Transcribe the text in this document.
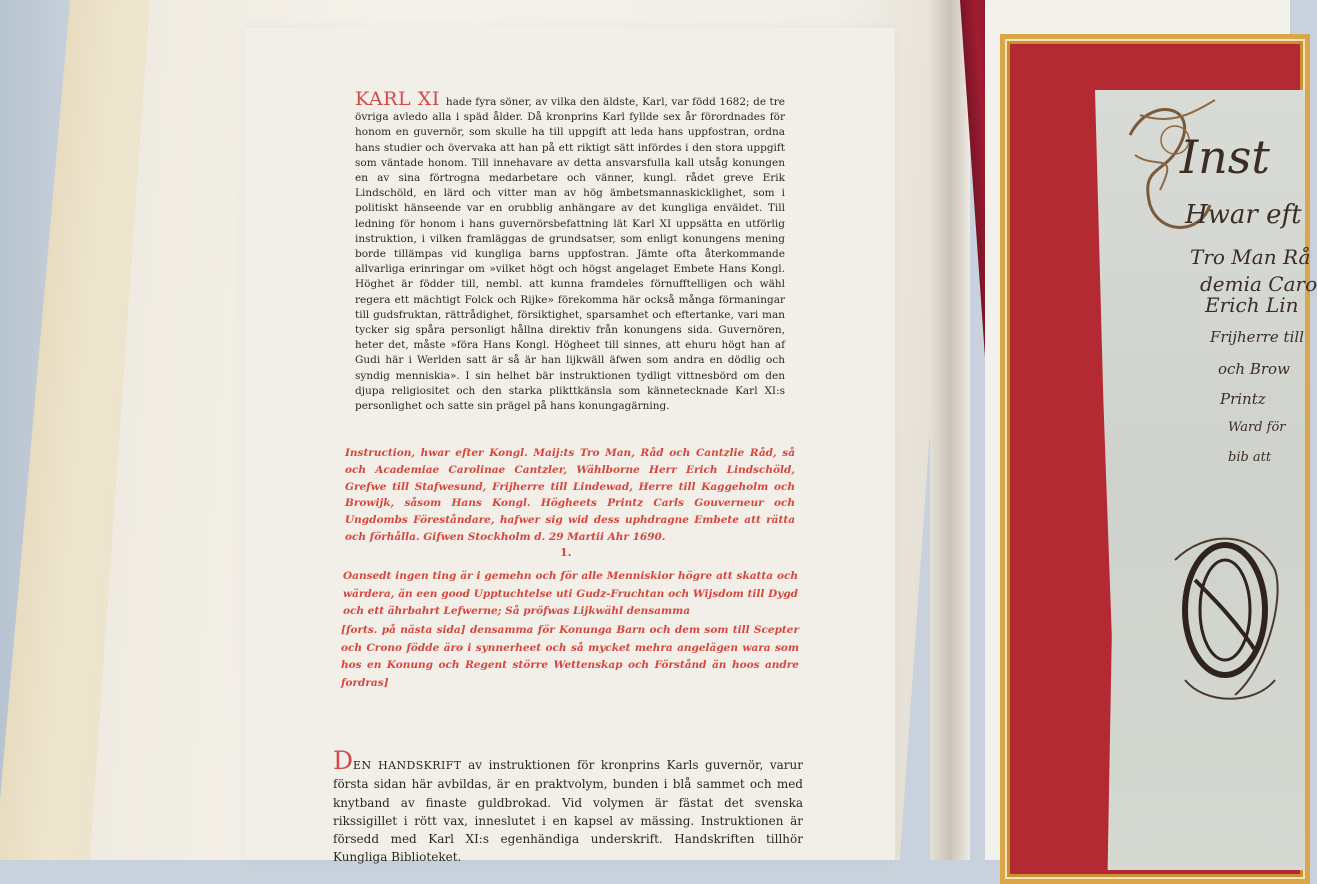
Inst
Hwar eft
Tro Man Rå
demia Caro
Erich Lin
Frijherre till
och Brow
Printz
Ward för
bib att
KARL XI hade fyra söner, av vilka den äldste, Karl, var född 1682; de tre övriga avledo alla i späd ålder. Då kronprins Karl fyllde sex år förordnades för honom en guvernör, som skulle ha till uppgift att leda hans uppfostran, ordna hans studier och övervaka att han på ett riktigt sätt infördes i den stora uppgift som väntade honom. Till innehavare av detta ansvarsfulla kall utsåg konungen en av sina förtrogna medarbetare och vänner, kungl. rådet greve Erik Lindschöld, en lärd och vitter man av hög ämbetsmannaskicklighet, som i politiskt hänseende var en orubblig anhängare av det kungliga enväldet. Till ledning för honom i hans guvernörsbefattning lät Karl XI uppsätta en utförlig instruktion, i vilken framläggas de grundsatser, som enligt konungens mening borde tillämpas vid kungliga barns uppfostran. Jämte ofta återkommande allvarliga erinringar om »vilket högt och högst angelaget Embete Hans Kongl. Höghet är födder till, nembl. att kunna framdeles förnufftelligen och wähl regera ett mächtigt Folck och Rijke» förekomma här också många förmaningar till gudsfruktan, rättrådighet, försiktighet, sparsamhet och eftertanke, vari man tycker sig spåra personligt hållna direktiv från konungens sida. Guvernören, heter det, måste »föra Hans Kongl. Högheet till sinnes, att ehuru högt han af Gudi här i Werlden satt är så är han lijkwäll äfwen som andra en dödlig och syndig menniskia». I sin helhet bär instruktionen tydligt vittnesbörd om den djupa religiositet och den starka plikttkänsla som kännetecknade Karl XI:s personlighet och satte sin prägel på hans konungagärning.
Instruction, hwar efter Kongl. Maij:ts Tro Man, Råd och Cantzlie Råd, så och Academiae Carolinae Cantzler, Wählborne Herr Erich Lindschöld, Grefwe till Stafwesund, Frijherre till Lindewad, Herre till Kaggeholm och Browijk, såsom Hans Kongl. Högheets Printz Carls Gouverneur och Ungdombs Föreståndare, hafwer sig wid dess uphdragne Embete att rätta och förhålla. Gifwen Stockholm d. 29 Martii Ahr 1690.
1.
Oansedt ingen ting är i gemehn och för alle Menniskior högre att skatta och wärdera, än een good Upptuchtelse uti Gudz-Fruchtan och Wijsdom till Dygd och ett ährbahrt Lefwerne; Så pröfwas Lijkwähl densamma
[forts. på nästa sida] densamma för Konunga Barn och dem som till Scepter och Crono födde äro i synnerheet och så mycket mehra angelägen wara som hos en Konung och Regent större Wettenskap och Förstånd än hoos andre fordras]
DEN HANDSKRIFT av instruktionen för kronprins Karls guvernör, varur första sidan här avbildas, är en praktvolym, bunden i blå sammet och med knytband av finaste guldbrokad. Vid volymen är fästat det svenska rikssigillet i rött vax, inneslutet i en kapsel av mässing. Instruktionen är försedd med Karl XI:s egenhändiga underskrift. Handskriften tillhör Kungliga Biblioteket.
